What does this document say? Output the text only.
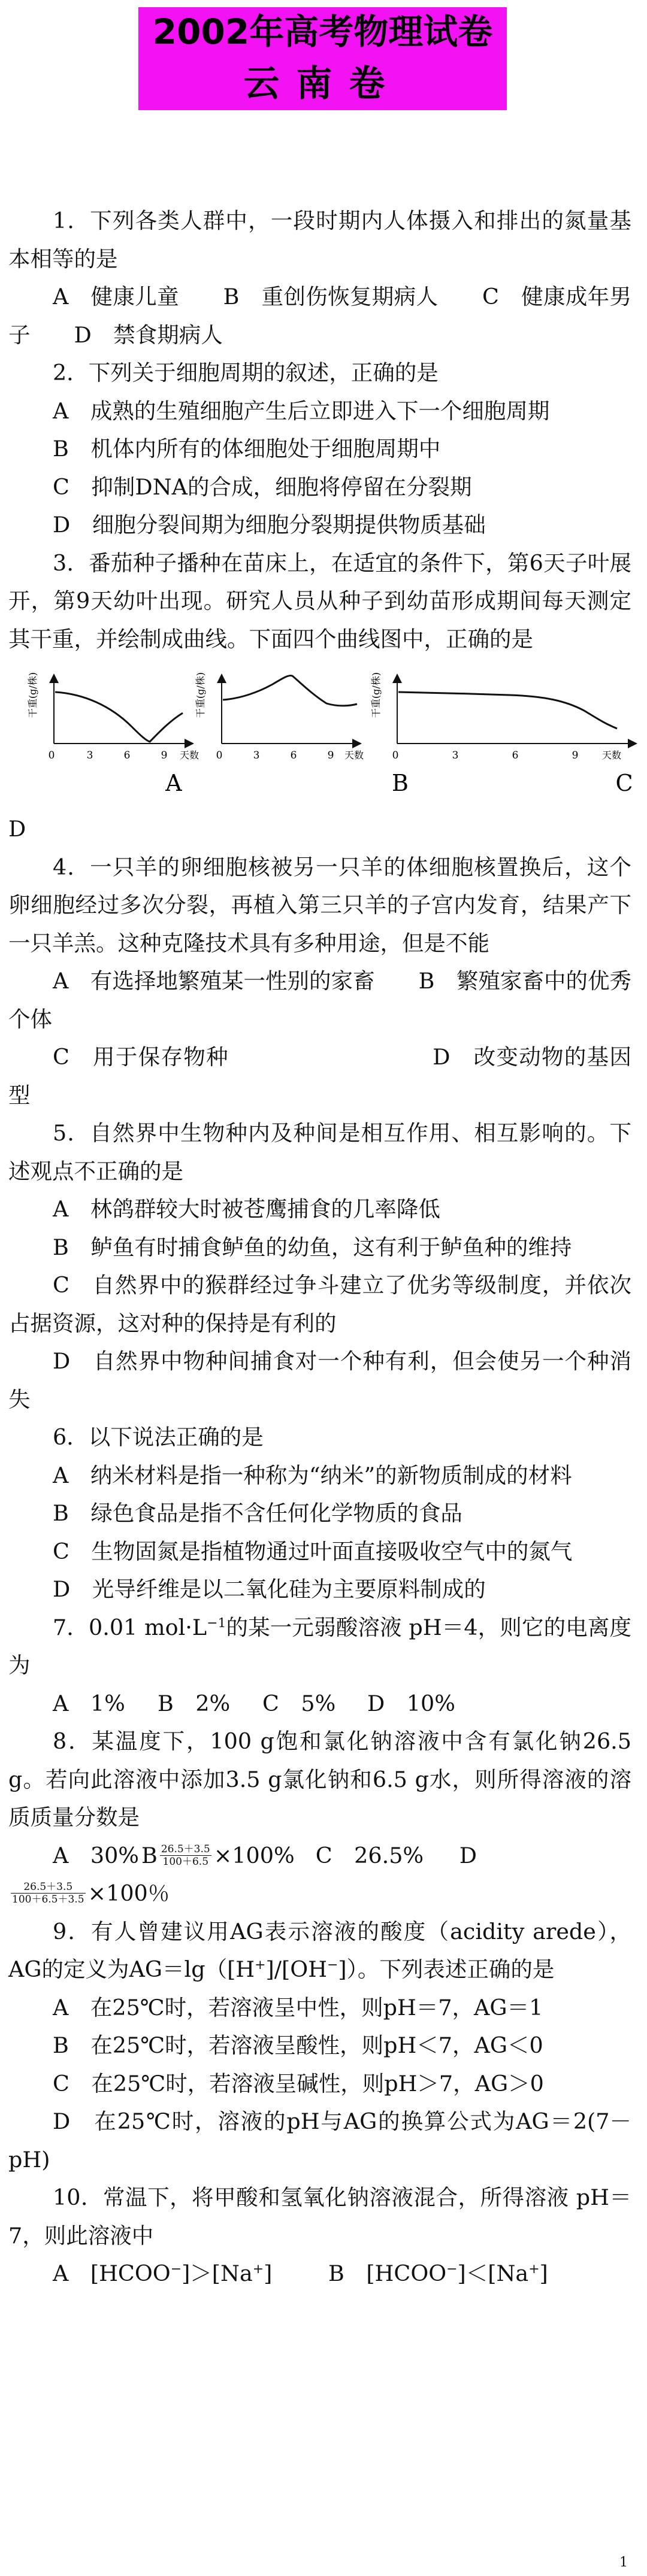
2002年高考物理试卷
云南卷

1．下列各类人群中，一段时期内人体摄入和排出的氮量基本相等的是

A　健康儿童　　B　重创伤恢复期病人　　C　健康成年男子　　D　禁食期病人

2．下列关于细胞周期的叙述，正确的是

A　成熟的生殖细胞产生后立即进入下一个细胞周期

B　机体内所有的体细胞处于细胞周期中

C　抑制DNA的合成，细胞将停留在分裂期

D　细胞分裂间期为细胞分裂期提供物质基础

3．番茄种子播种在苗床上，在适宜的条件下，第6天子叶展开，第9天幼叶出现。研究人员从种子到幼苗形成期间每天测定其干重，并绘制成曲线。下面四个曲线图中，正确的是

干重(g/株)
0	3	6	9 天数
A
干重(g/株)
0	3	6	9 天数
B
干重(g/株)
0	3	6	9 天数
C

D

4．一只羊的卵细胞核被另一只羊的体细胞核置换后，这个卵细胞经过多次分裂，再植入第三只羊的子宫内发育，结果产下一只羊羔。这种克隆技术具有多种用途，但是不能

A　有选择地繁殖某一性别的家畜　　B　繁殖家畜中的优秀个体

C　用于保存物种　　　　　　　　　D　改变动物的基因型

5．自然界中生物种内及种间是相互作用、相互影响的。下述观点不正确的是

A　林鸽群较大时被苍鹰捕食的几率降低

B　鲈鱼有时捕食鲈鱼的幼鱼，这有利于鲈鱼种的维持

C　自然界中的猴群经过争斗建立了优劣等级制度，并依次占据资源，这对种的保持是有利的

D　自然界中物种间捕食对一个种有利，但会使另一个种消失

6．以下说法正确的是

A　纳米材料是指一种称为“纳米”的新物质制成的材料

B　绿色食品是指不含任何化学物质的食品

C　生物固氮是指植物通过叶面直接吸收空气中的氮气

D　光导纤维是以二氧化硅为主要原料制成的

7．0.01 $mol\cdot L^{-1}$的某一元弱酸溶液 pH＝4，则它的电离度为

A　1%	B　2%	C　5%	D　10%

8．某温度下，100 g饱和氯化钠溶液中含有氯化钠26.5 g。若向此溶液中添加3.5 g氯化钠和6.5 g水，则所得溶液的溶质质量分数是

A　30% B $\frac{26.5+3.5}{100+6.5} \times 100\%$ C　26.5%	D
$\frac{26.5+3.5}{100+6.5+3.5} \times 100$％

9．有人曾建议用AG表示溶液的酸度（acidity arede），AG的定义为AG＝lg（[H+]/[OH−]）。下列表述正确的是

A　在25℃时，若溶液呈中性，则pH＝7，AG＝1

B　在25℃时，若溶液呈酸性，则pH＜7，AG＜0

C　在25℃时，若溶液呈碱性，则pH＞7，AG＞0

D　在25℃时，溶液的pH与AG的换算公式为AG＝2(7－pH)

10．常温下，将甲酸和氢氧化钠溶液混合，所得溶液 pH＝7，则此溶液中

A　[HCOO−]＞[Na+]	B　[HCOO−]＜[Na+]
1
